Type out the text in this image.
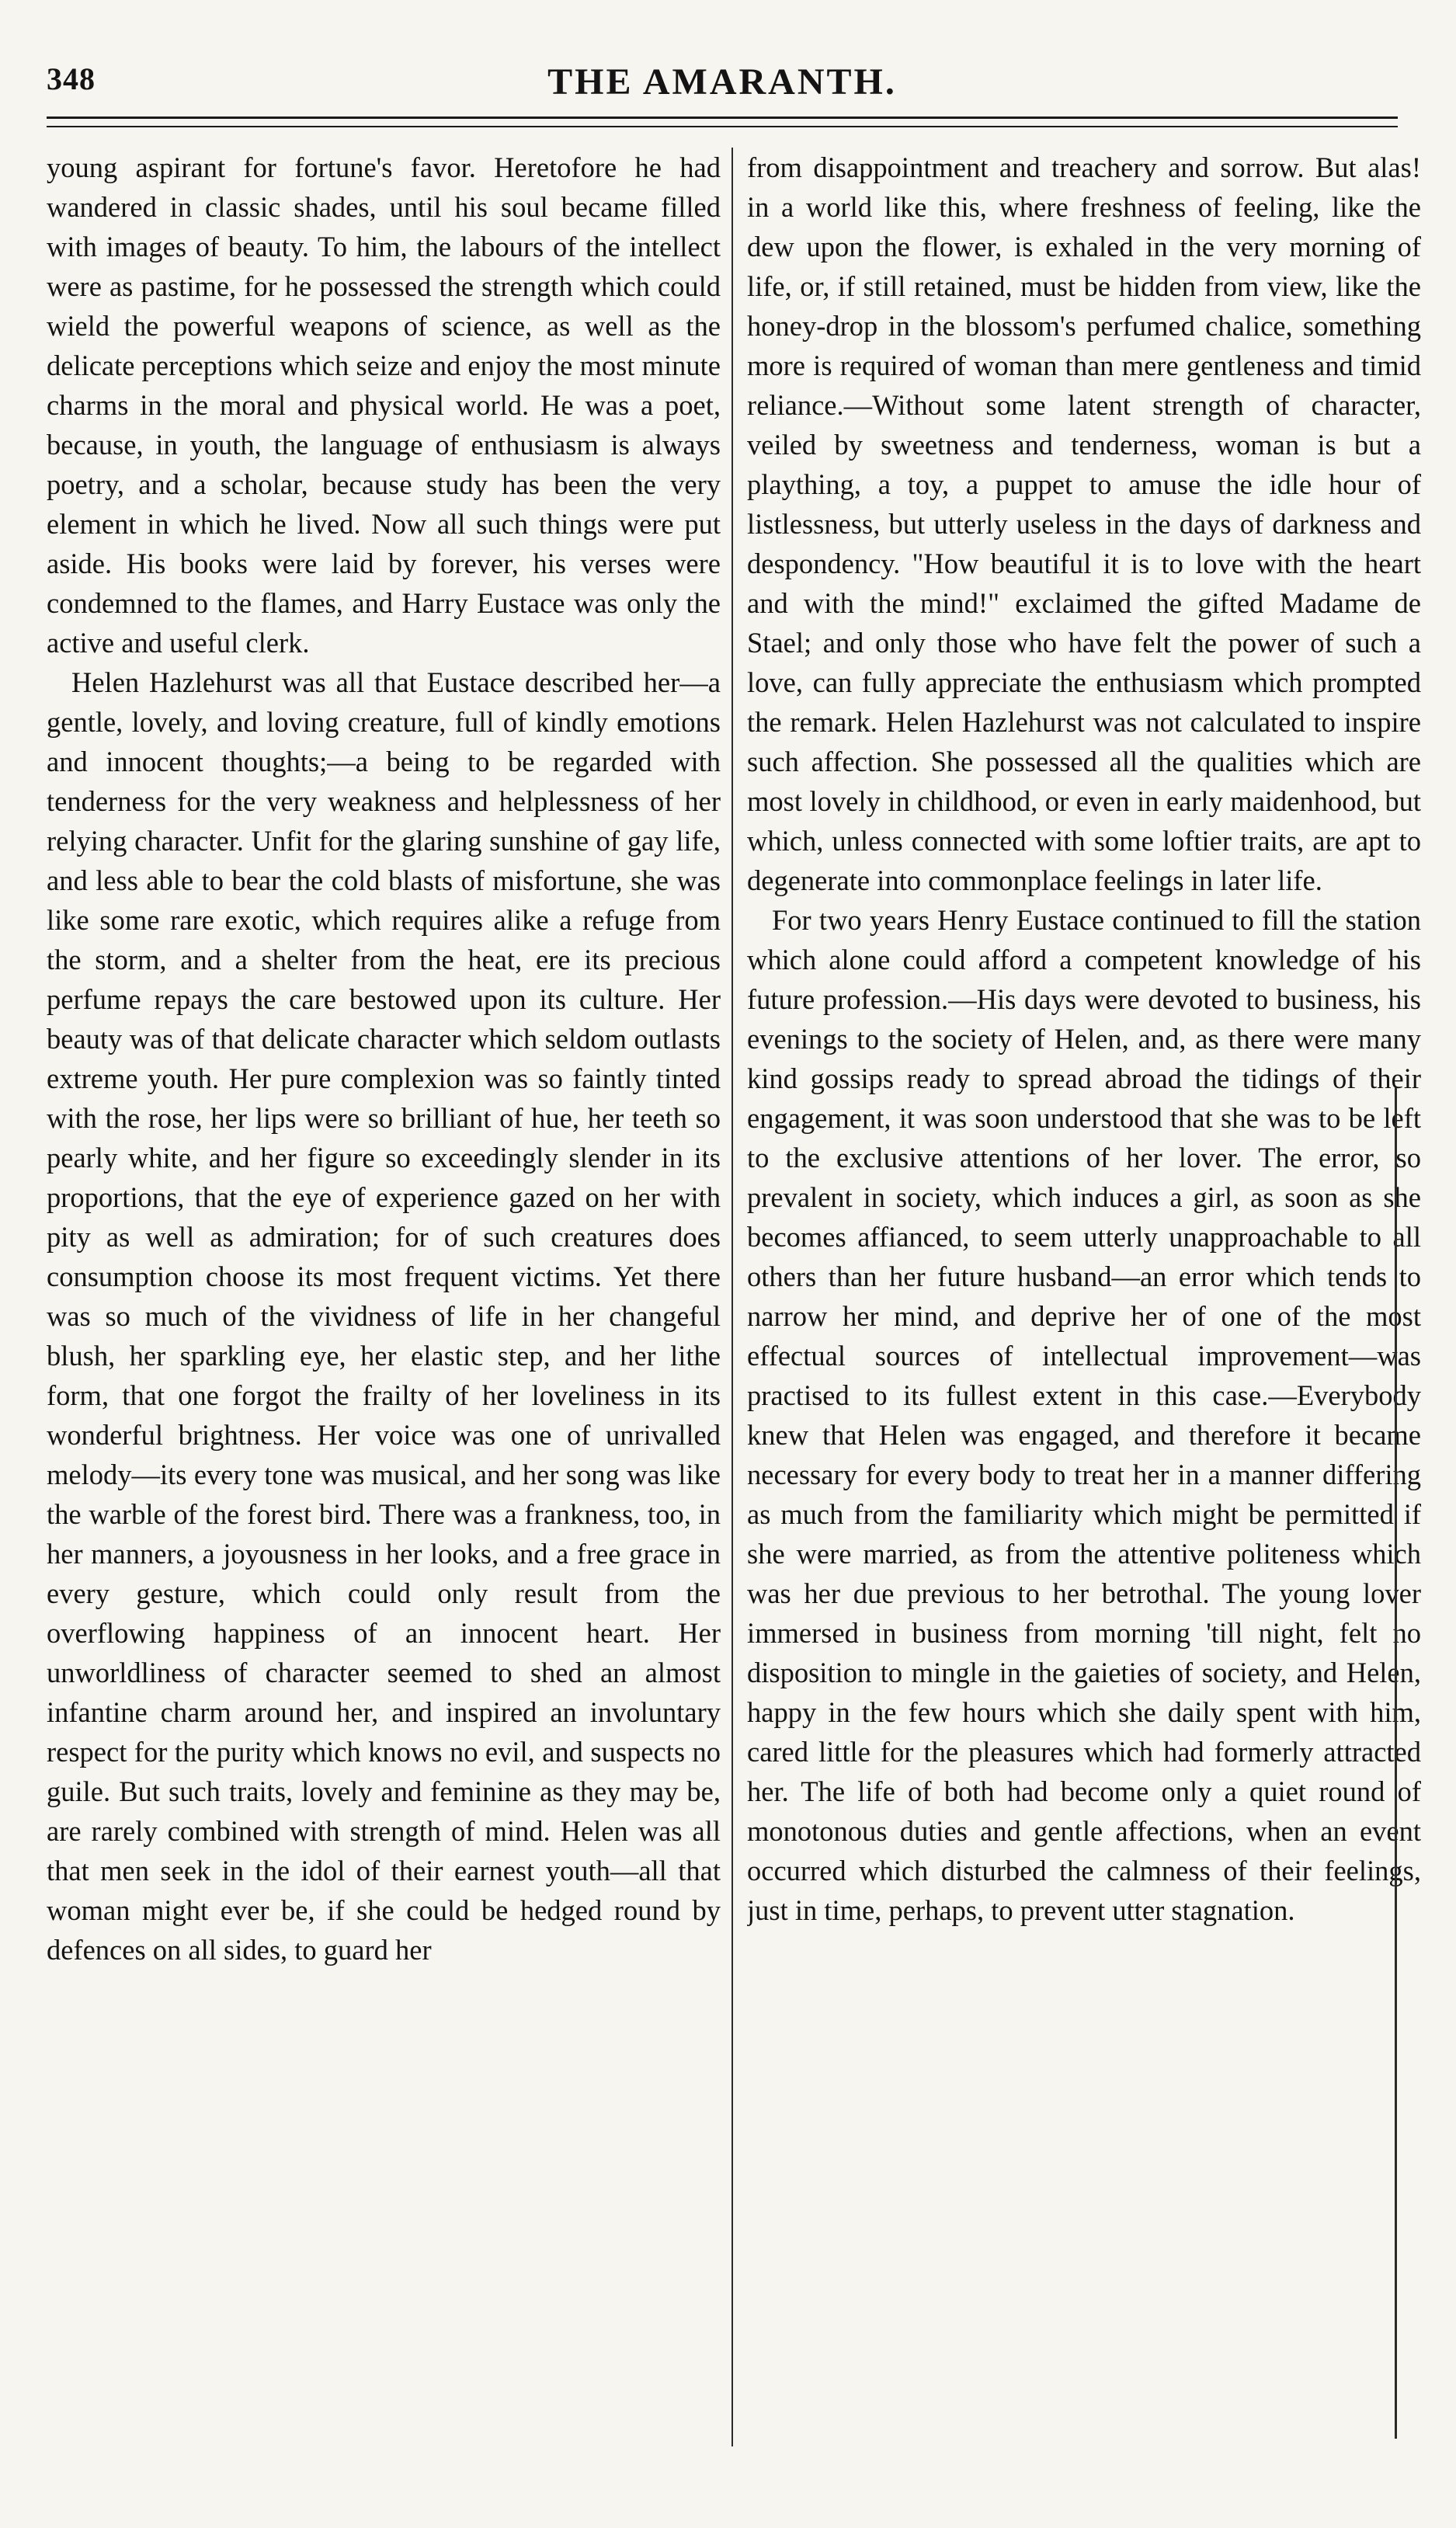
348	THE AMARANTH.

young aspirant for fortune's favor. Heretofore he had wandered in classic shades, until his soul became filled with images of beauty. To him, the labours of the intellect were as pastime, for he possessed the strength which could wield the powerful weapons of science, as well as the delicate perceptions which seize and enjoy the most minute charms in the moral and physical world. He was a poet, because, in youth, the language of enthusiasm is always poetry, and a scholar, because study has been the very element in which he lived. Now all such things were put aside. His books were laid by forever, his verses were condemned to the flames, and Harry Eustace was only the active and useful clerk.

Helen Hazlehurst was all that Eustace described her—a gentle, lovely, and loving creature, full of kindly emotions and innocent thoughts;—a being to be regarded with tenderness for the very weakness and helplessness of her relying character. Unfit for the glaring sunshine of gay life, and less able to bear the cold blasts of misfortune, she was like some rare exotic, which requires alike a refuge from the storm, and a shelter from the heat, ere its precious perfume repays the care bestowed upon its culture. Her beauty was of that delicate character which seldom outlasts extreme youth. Her pure complexion was so faintly tinted with the rose, her lips were so brilliant of hue, her teeth so pearly white, and her figure so exceedingly slender in its proportions, that the eye of experience gazed on her with pity as well as admiration; for of such creatures does consumption choose its most frequent victims. Yet there was so much of the vividness of life in her changeful blush, her sparkling eye, her elastic step, and her lithe form, that one forgot the frailty of her loveliness in its wonderful brightness. Her voice was one of unrivalled melody—its every tone was musical, and her song was like the warble of the forest bird. There was a frankness, too, in her manners, a joyousness in her looks, and a free grace in every gesture, which could only result from the overflowing happiness of an innocent heart. Her unworldliness of character seemed to shed an almost infantine charm around her, and inspired an involuntary respect for the purity which knows no evil, and suspects no guile. But such traits, lovely and feminine as they may be, are rarely combined with strength of mind. Helen was all that men seek in the idol of their earnest youth—all that woman might ever be, if she could be hedged round by defences on all sides, to guard her

from disappointment and treachery and sorrow. But alas! in a world like this, where freshness of feeling, like the dew upon the flower, is exhaled in the very morning of life, or, if still retained, must be hidden from view, like the honey-drop in the blossom's perfumed chalice, something more is required of woman than mere gentleness and timid reliance.—Without some latent strength of character, veiled by sweetness and tenderness, woman is but a plaything, a toy, a puppet to amuse the idle hour of listlessness, but utterly useless in the days of darkness and despondency. "How beautiful it is to love with the heart and with the mind!" exclaimed the gifted Madame de Stael; and only those who have felt the power of such a love, can fully appreciate the enthusiasm which prompted the remark. Helen Hazlehurst was not calculated to inspire such affection. She possessed all the qualities which are most lovely in childhood, or even in early maidenhood, but which, unless connected with some loftier traits, are apt to degenerate into commonplace feelings in later life.

For two years Henry Eustace continued to fill the station which alone could afford a competent knowledge of his future profession.—His days were devoted to business, his evenings to the society of Helen, and, as there were many kind gossips ready to spread abroad the tidings of their engagement, it was soon understood that she was to be left to the exclusive attentions of her lover. The error, so prevalent in society, which induces a girl, as soon as she becomes affianced, to seem utterly unapproachable to all others than her future husband—an error which tends to narrow her mind, and deprive her of one of the most effectual sources of intellectual improvement—was practised to its fullest extent in this case.—Everybody knew that Helen was engaged, and therefore it became necessary for every body to treat her in a manner differing as much from the familiarity which might be permitted if she were married, as from the attentive politeness which was her due previous to her betrothal. The young lover immersed in business from morning 'till night, felt no disposition to mingle in the gaieties of society, and Helen, happy in the few hours which she daily spent with him, cared little for the pleasures which had formerly attracted her. The life of both had become only a quiet round of monotonous duties and gentle affections, when an event occurred which disturbed the calmness of their feelings, just in time, perhaps, to prevent utter stagnation.
